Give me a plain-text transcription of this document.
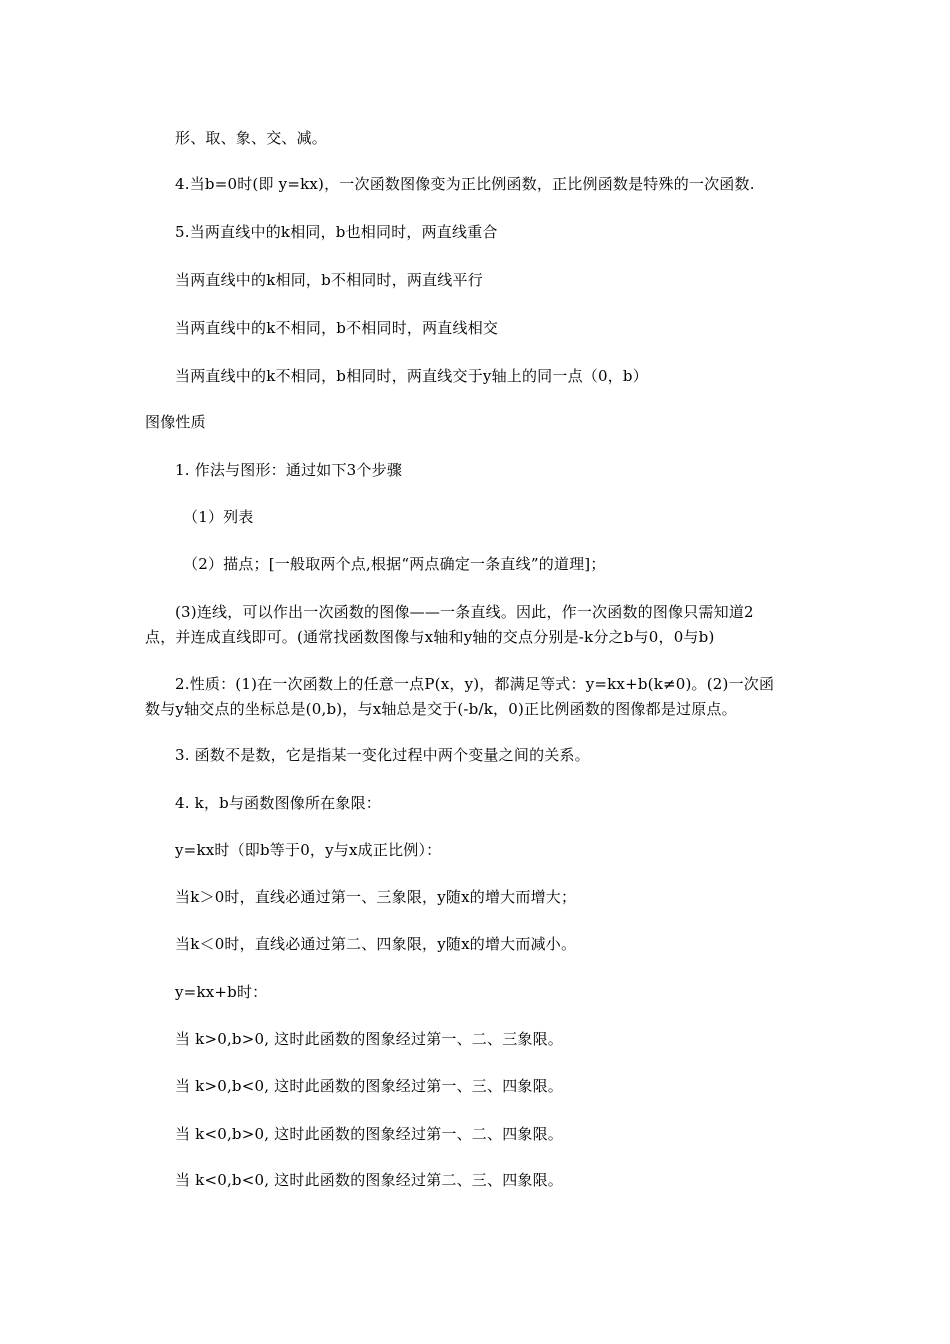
形、取、象、交、减。
4.当b=0时(即 y=kx)，一次函数图像变为正比例函数，正比例函数是特殊的一次函数.
5.当两直线中的k相同，b也相同时，两直线重合
当两直线中的k相同，b不相同时，两直线平行
当两直线中的k不相同，b不相同时，两直线相交
当两直线中的k不相同，b相同时，两直线交于y轴上的同一点（0，b）
图像性质
1. 作法与图形：通过如下3个步骤
（1）列表
（2）描点；[一般取两个点,根据“两点确定一条直线”的道理]；
(3)连线，可以作出一次函数的图像——一条直线。因此，作一次函数的图像只需知道2点，并连成直线即可。(通常找函数图像与x轴和y轴的交点分别是-k分之b与0，0与b)
2.性质：(1)在一次函数上的任意一点P(x，y)，都满足等式：y=kx+b(k≠0)。(2)一次函数与y轴交点的坐标总是(0,b)，与x轴总是交于(-b/k，0)正比例函数的图像都是过原点。
3. 函数不是数，它是指某一变化过程中两个变量之间的关系。
4. k，b与函数图像所在象限：
y=kx时（即b等于0，y与x成正比例）：
当k＞0时，直线必通过第一、三象限，y随x的增大而增大；
当k＜0时，直线必通过第二、四象限，y随x的增大而减小。
y=kx+b时：
当 k>0,b>0, 这时此函数的图象经过第一、二、三象限。
当 k>0,b<0, 这时此函数的图象经过第一、三、四象限。
当 k<0,b>0, 这时此函数的图象经过第一、二、四象限。
当 k<0,b<0, 这时此函数的图象经过第二、三、四象限。
